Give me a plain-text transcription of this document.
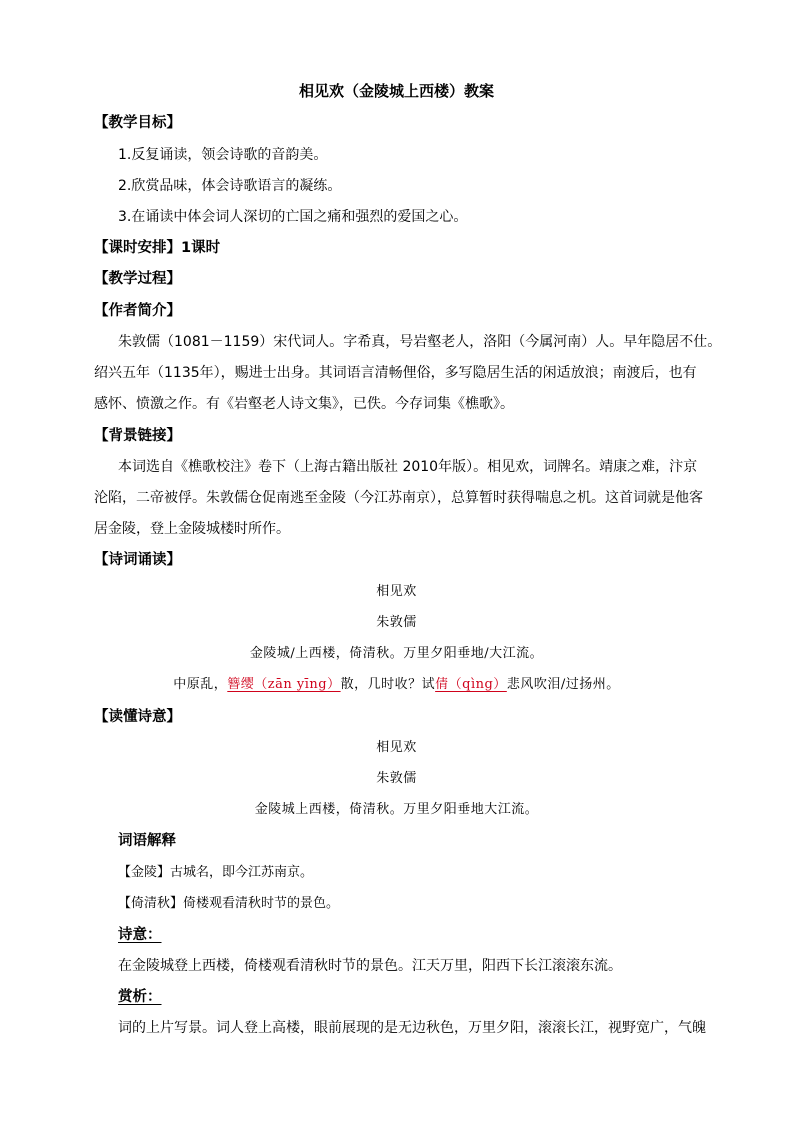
相见欢（金陵城上西楼）教案
【教学目标】
1.反复诵读，领会诗歌的音韵美。
2.欣赏品味，体会诗歌语言的凝练。
3.在诵读中体会词人深切的亡国之痛和强烈的爱国之心。
【课时安排】1课时
【教学过程】
【作者简介】
朱敦儒（1081－1159）宋代词人。字希真，号岩壑老人，洛阳（今属河南）人。早年隐居不仕。
绍兴五年（1135年），赐进士出身。其词语言清畅俚俗，多写隐居生活的闲适放浪；南渡后，也有
感怀、愤激之作。有《岩壑老人诗文集》，已佚。今存词集《樵歌》。
【背景链接】
本词选自《樵歌校注》卷下（上海古籍出版社 2010年版）。相见欢，词牌名。靖康之难，汴京
沦陷，二帝被俘。朱敦儒仓促南逃至金陵（今江苏南京），总算暂时获得喘息之机。这首词就是他客
居金陵，登上金陵城楼时所作。
【诗词诵读】
相见欢
朱敦儒
金陵城/上西楼，倚清秋。万里夕阳垂地/大江流。
中原乱，簪缨（zān yīng）散，几时收？试倩（qìng）悲风吹泪/过扬州。
【读懂诗意】
相见欢
朱敦儒
金陵城上西楼，倚清秋。万里夕阳垂地大江流。
词语解释
【金陵】古城名，即今江苏南京。
【倚清秋】倚楼观看清秋时节的景色。
诗意：
在金陵城登上西楼，倚楼观看清秋时节的景色。江天万里，阳西下长江滚滚东流。
赏析：
词的上片写景。词人登上高楼，眼前展现的是无边秋色，万里夕阳，滚滚长江，视野宽广，气魄
